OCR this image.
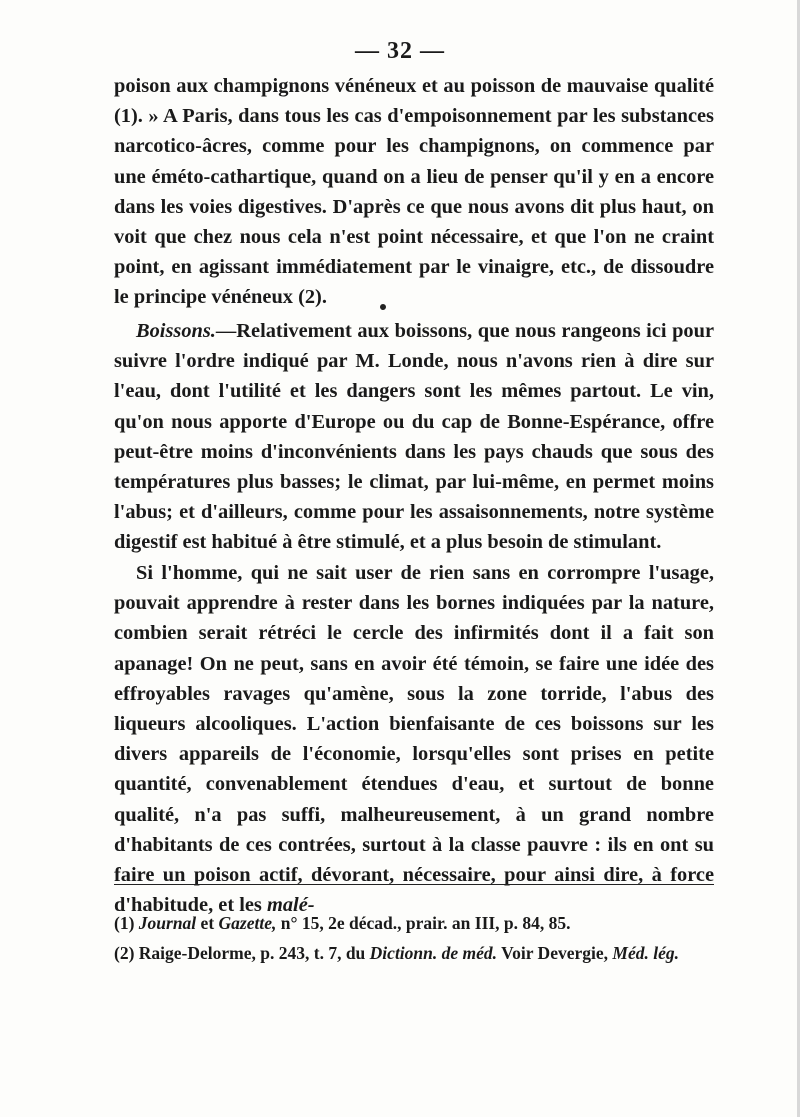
— 32 —

poison aux champignons vénéneux et au poisson de mauvaise qualité (1). » A Paris, dans tous les cas d'empoisonnement par les substances narcotico-âcres, comme pour les champignons, on commence par une éméto-cathartique, quand on a lieu de penser qu'il y en a encore dans les voies digestives. D'après ce que nous avons dit plus haut, on voit que chez nous cela n'est point nécessaire, et que l'on ne craint point, en agissant immédiatement par le vinaigre, etc., de dissoudre le principe vénéneux (2).

Boissons.—Relativement aux boissons, que nous rangeons ici pour suivre l'ordre indiqué par M. Londe, nous n'avons rien à dire sur l'eau, dont l'utilité et les dangers sont les mêmes partout. Le vin, qu'on nous apporte d'Europe ou du cap de Bonne-Espérance, offre peut-être moins d'inconvénients dans les pays chauds que sous des températures plus basses; le climat, par lui-même, en permet moins l'abus; et d'ailleurs, comme pour les assaisonnements, notre système digestif est habitué à être stimulé, et a plus besoin de stimulant.

Si l'homme, qui ne sait user de rien sans en corrompre l'usage, pouvait apprendre à rester dans les bornes indiquées par la nature, combien serait rétréci le cercle des infirmités dont il a fait son apanage! On ne peut, sans en avoir été témoin, se faire une idée des effroyables ravages qu'amène, sous la zone torride, l'abus des liqueurs alcooliques. L'action bienfaisante de ces boissons sur les divers appareils de l'économie, lorsqu'elles sont prises en petite quantité, convenablement étendues d'eau, et surtout de bonne qualité, n'a pas suffi, malheureusement, à un grand nombre d'habitants de ces contrées, surtout à la classe pauvre : ils en ont su faire un poison actif, dévorant, nécessaire, pour ainsi dire, à force d'habitude, et les malé-

(1) Journal et Gazette, n° 15, 2e décad., prair. an III, p. 84, 85.

(2) Raige-Delorme, p. 243, t. 7, du Dictionn. de méd. Voir Devergie, Méd. lég.
